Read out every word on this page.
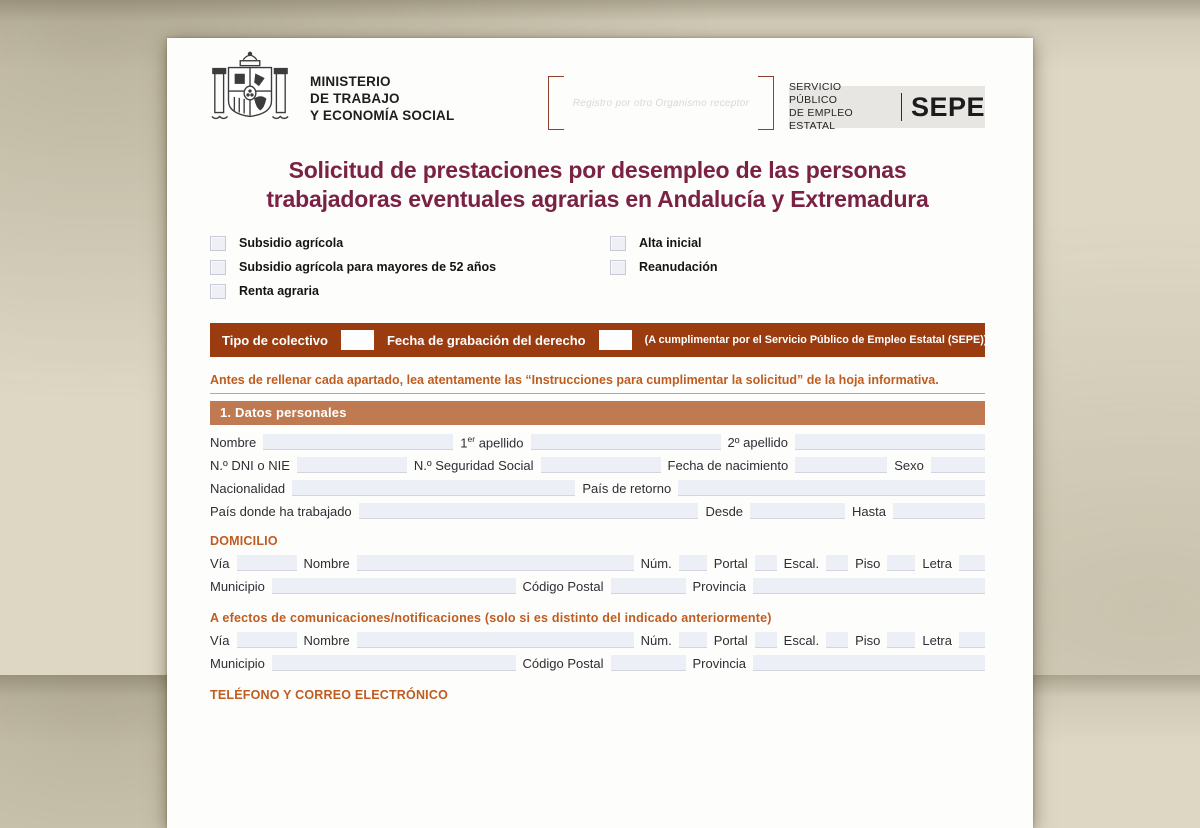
MINISTERIO
DE TRABAJO
Y ECONOMÍA SOCIAL
Registro por otro Organismo receptor
SERVICIO PÚBLICO
DE EMPLEO ESTATAL
SEPE
Solicitud de prestaciones por desempleo de las personas
trabajadoras eventuales agrarias en Andalucía y Extremadura
Subsidio agrícola
Subsidio agrícola para mayores de 52 años
Renta agraria
Alta inicial
Reanudación
Tipo de colectivo	Fecha de grabación del derecho	(A cumplimentar por el Servicio Público de Empleo Estatal (SEPE))
Antes de rellenar cada apartado, lea atentamente las “Instrucciones para cumplimentar la solicitud” de la hoja informativa.
1. Datos personales
Nombre	1er apellido	2º apellido
N.º DNI o NIE	N.º Seguridad Social	Fecha de nacimiento	Sexo
Nacionalidad	País de retorno
País donde ha trabajado	Desde	Hasta
DOMICILIO
Vía	Nombre	Núm.	Portal	Escal.	Piso	Letra
Municipio	Código Postal	Provincia
A efectos de comunicaciones/notificaciones (solo si es distinto del indicado anteriormente)
Vía	Nombre	Núm.	Portal	Escal.	Piso	Letra
Municipio	Código Postal	Provincia
TELÉFONO Y CORREO ELECTRÓNICO
